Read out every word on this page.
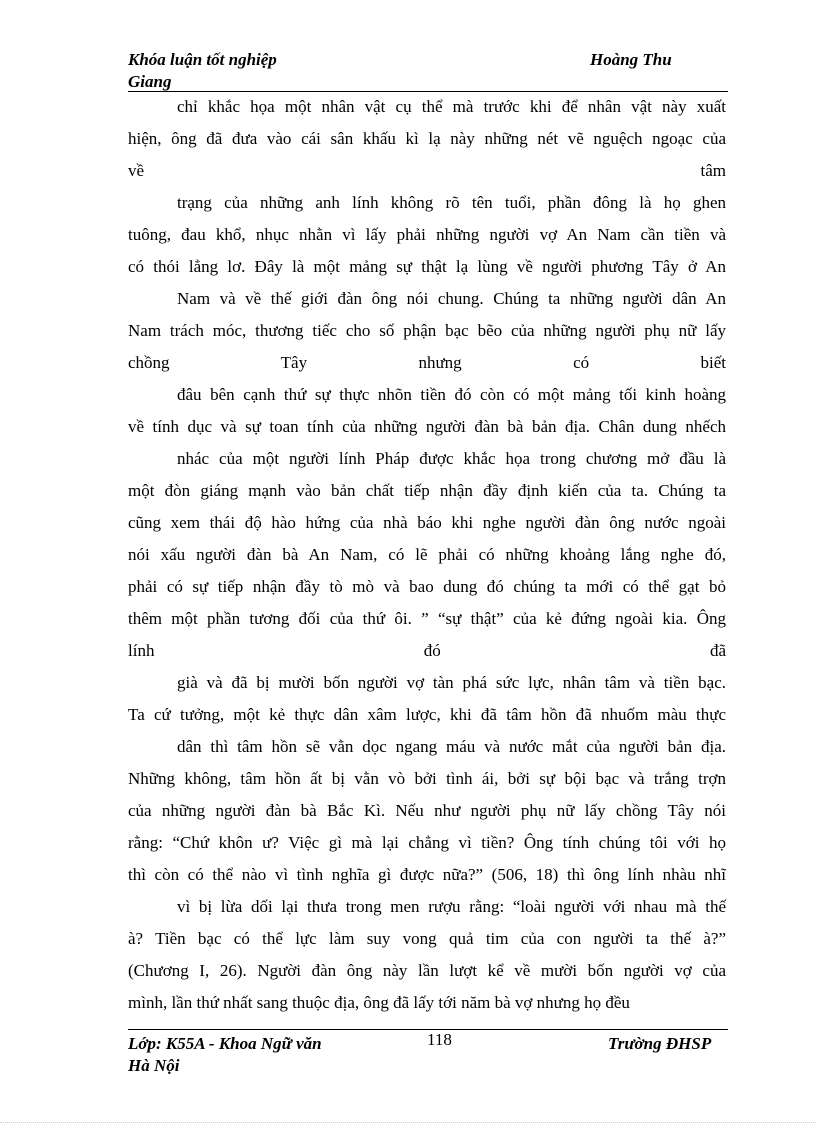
Khóa luận tốt nghiệp
Giang
Hoàng Thu
chỉ khắc họa một nhân vật cụ thể mà trước khi để nhân vật này xuất
hiện, ông đã đưa vào cái sân khấu kì lạ này những nét vẽ nguệch ngoạc của
về tâm
trạng của những anh lính không rõ tên tuổi, phần đông là họ ghen
tuông, đau khổ, nhục nhằn vì lấy phải những người vợ An Nam cần tiền và
có thói lẳng lơ. Đây là một mảng sự thật lạ lùng về người phương Tây ở An
Nam và về thế giới đàn ông nói chung. Chúng ta những người dân An
Nam trách móc, thương tiếc cho số phận bạc bẽo của những người phụ nữ lấy
chồng Tây nhưng có biết
đâu bên cạnh thứ sự thực nhõn tiền đó còn có một mảng tối kinh hoàng
về tính dục và sự toan tính của những người đàn bà bản địa. Chân dung nhếch
nhác của một người lính Pháp được khắc họa trong chương mở đầu là
một đòn giáng mạnh vào bản chất tiếp nhận đầy định kiến của ta. Chúng ta
cũng xem thái độ hào hứng của nhà báo khi nghe người đàn ông nước ngoài
nói xấu người đàn bà An Nam, có lẽ phải có những khoảng lắng nghe đó,
phải có sự tiếp nhận đầy tò mò và bao dung đó chúng ta mới có thể gạt bỏ
thêm một phần tương đối của thứ ôi. ” “sự thật” của kẻ đứng ngoài kia. Ông
lính đó đã
già và đã bị mười bốn người vợ tàn phá sức lực, nhân tâm và tiền bạc.
Ta cứ tưởng, một kẻ thực dân xâm lược, khi đã tâm hồn đã nhuốm màu thực
dân thì tâm hồn sẽ vằn dọc ngang máu và nước mắt của người bản địa.
Những không, tâm hồn ất bị vằn vò bởi tình ái, bởi sự bội bạc và trắng trợn
của những người đàn bà Bắc Kì. Nếu như người phụ nữ lấy chồng Tây nói
rằng: “Chứ khôn ư? Việc gì mà lại chẳng vì tiền? Ông tính chúng tôi với họ
thì còn có thể nào vì tình nghĩa gì được nữa?” (506, 18) thì ông lính nhàu nhĩ
vì bị lừa dối lại thưa trong men rượu rằng: “loài người với nhau mà thế
à? Tiền bạc có thể lực làm suy vong quả tim của con người ta thế à?”
(Chương I, 26). Người đàn ông này lần lượt kể về mười bốn người vợ của
mình, lần thứ nhất sang thuộc địa, ông đã lấy tới năm bà vợ nhưng họ đều
Lớp: K55A - Khoa Ngữ văn
Hà Nội
118	Trường ĐHSP
